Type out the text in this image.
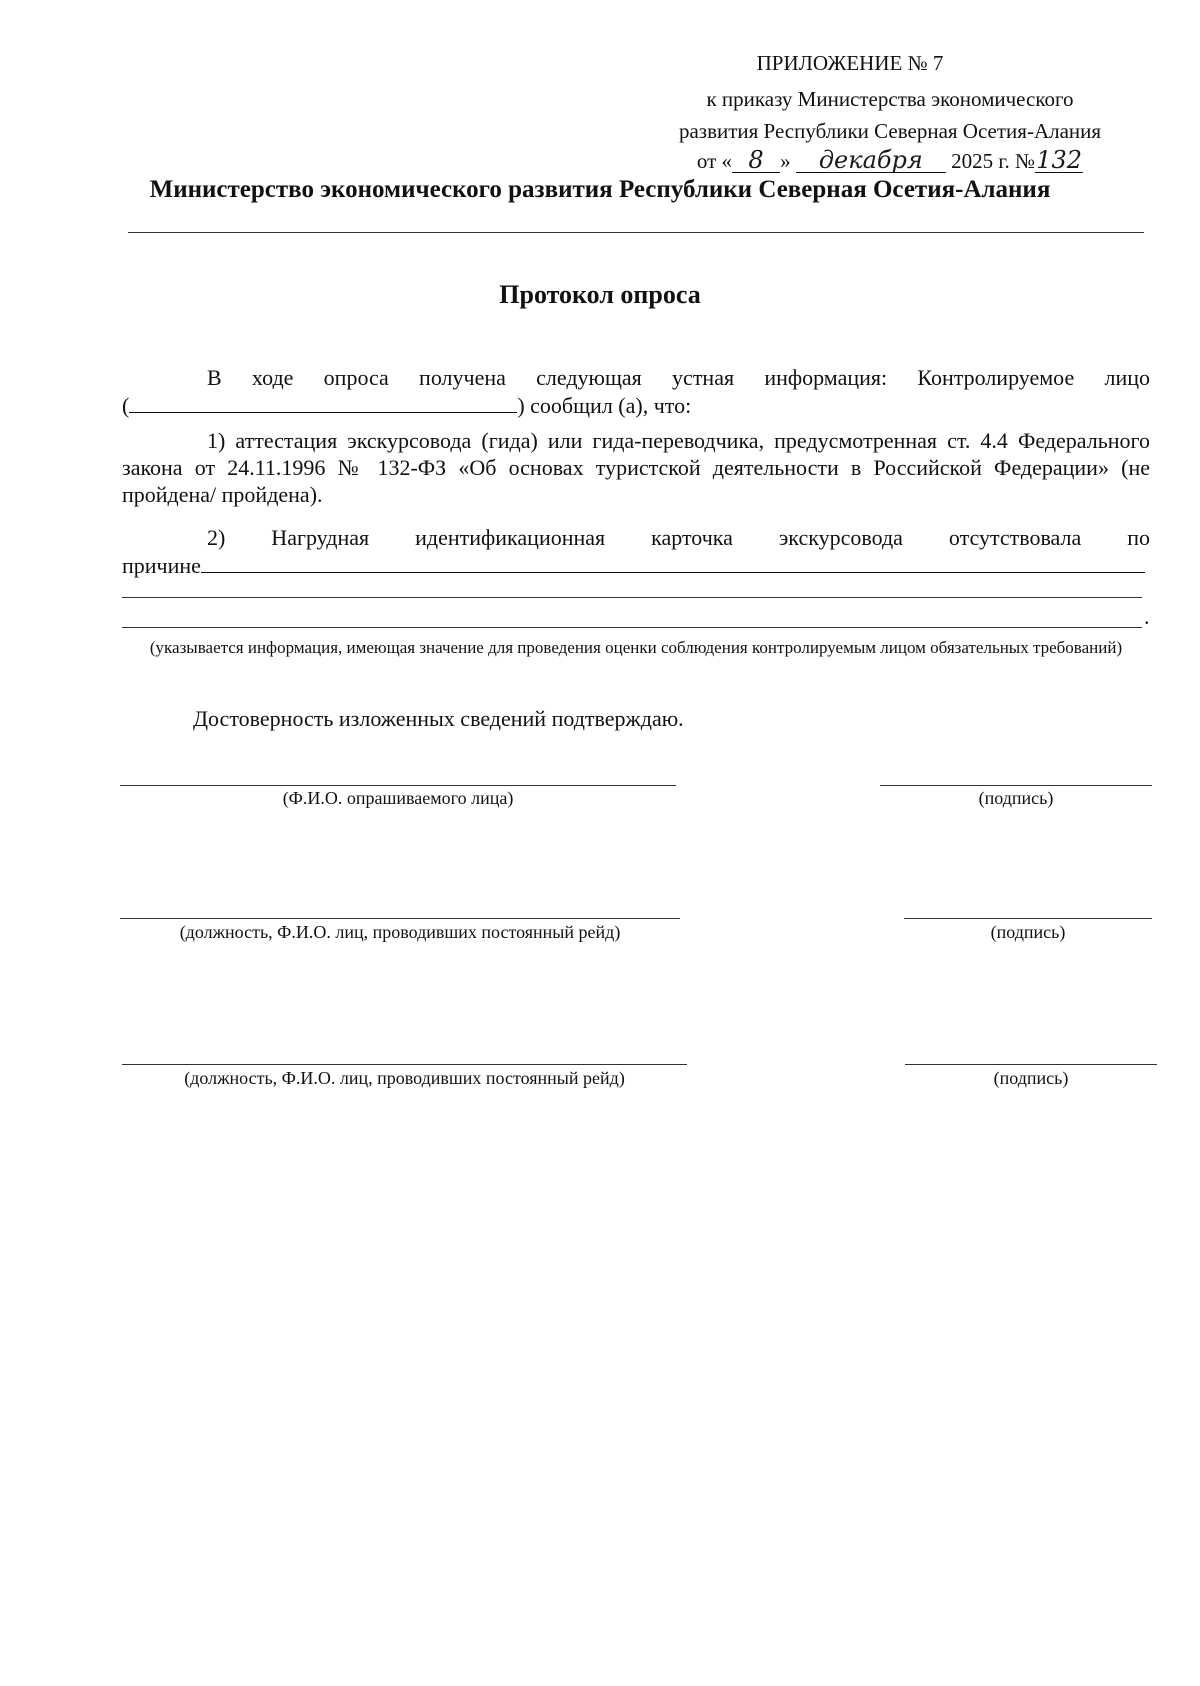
ПРИЛОЖЕНИЕ № 7
к приказу Министерства экономического
развития Республики Северная Осетия-Алания
от « 8 » декабря 2025 г. №132
Министерство экономического развития Республики Северная Осетия-Алания
Протокол опроса
В ходе опроса получена следующая устная информация: Контролируемое лицо
(	) сообщил (а), что:
1) аттестация экскурсовода (гида) или гида-переводчика, предусмотренная ст. 4.4 Федерального закона от 24.11.1996 № 132-ФЗ «Об основах туристской деятельности в Российской Федерации» (не пройдена/ пройдена).
2) Нагрудная идентификационная карточка экскурсовода отсутствовала по
причине
.
(указывается информация, имеющая значение для проведения оценки соблюдения контролируемым лицом обязательных требований)
Достоверность изложенных сведений подтверждаю.
(Ф.И.О. опрашиваемого лица)	(подпись)
(должность, Ф.И.О. лиц, проводивших постоянный рейд)	(подпись)
(должность, Ф.И.О. лиц, проводивших постоянный рейд)	(подпись)
